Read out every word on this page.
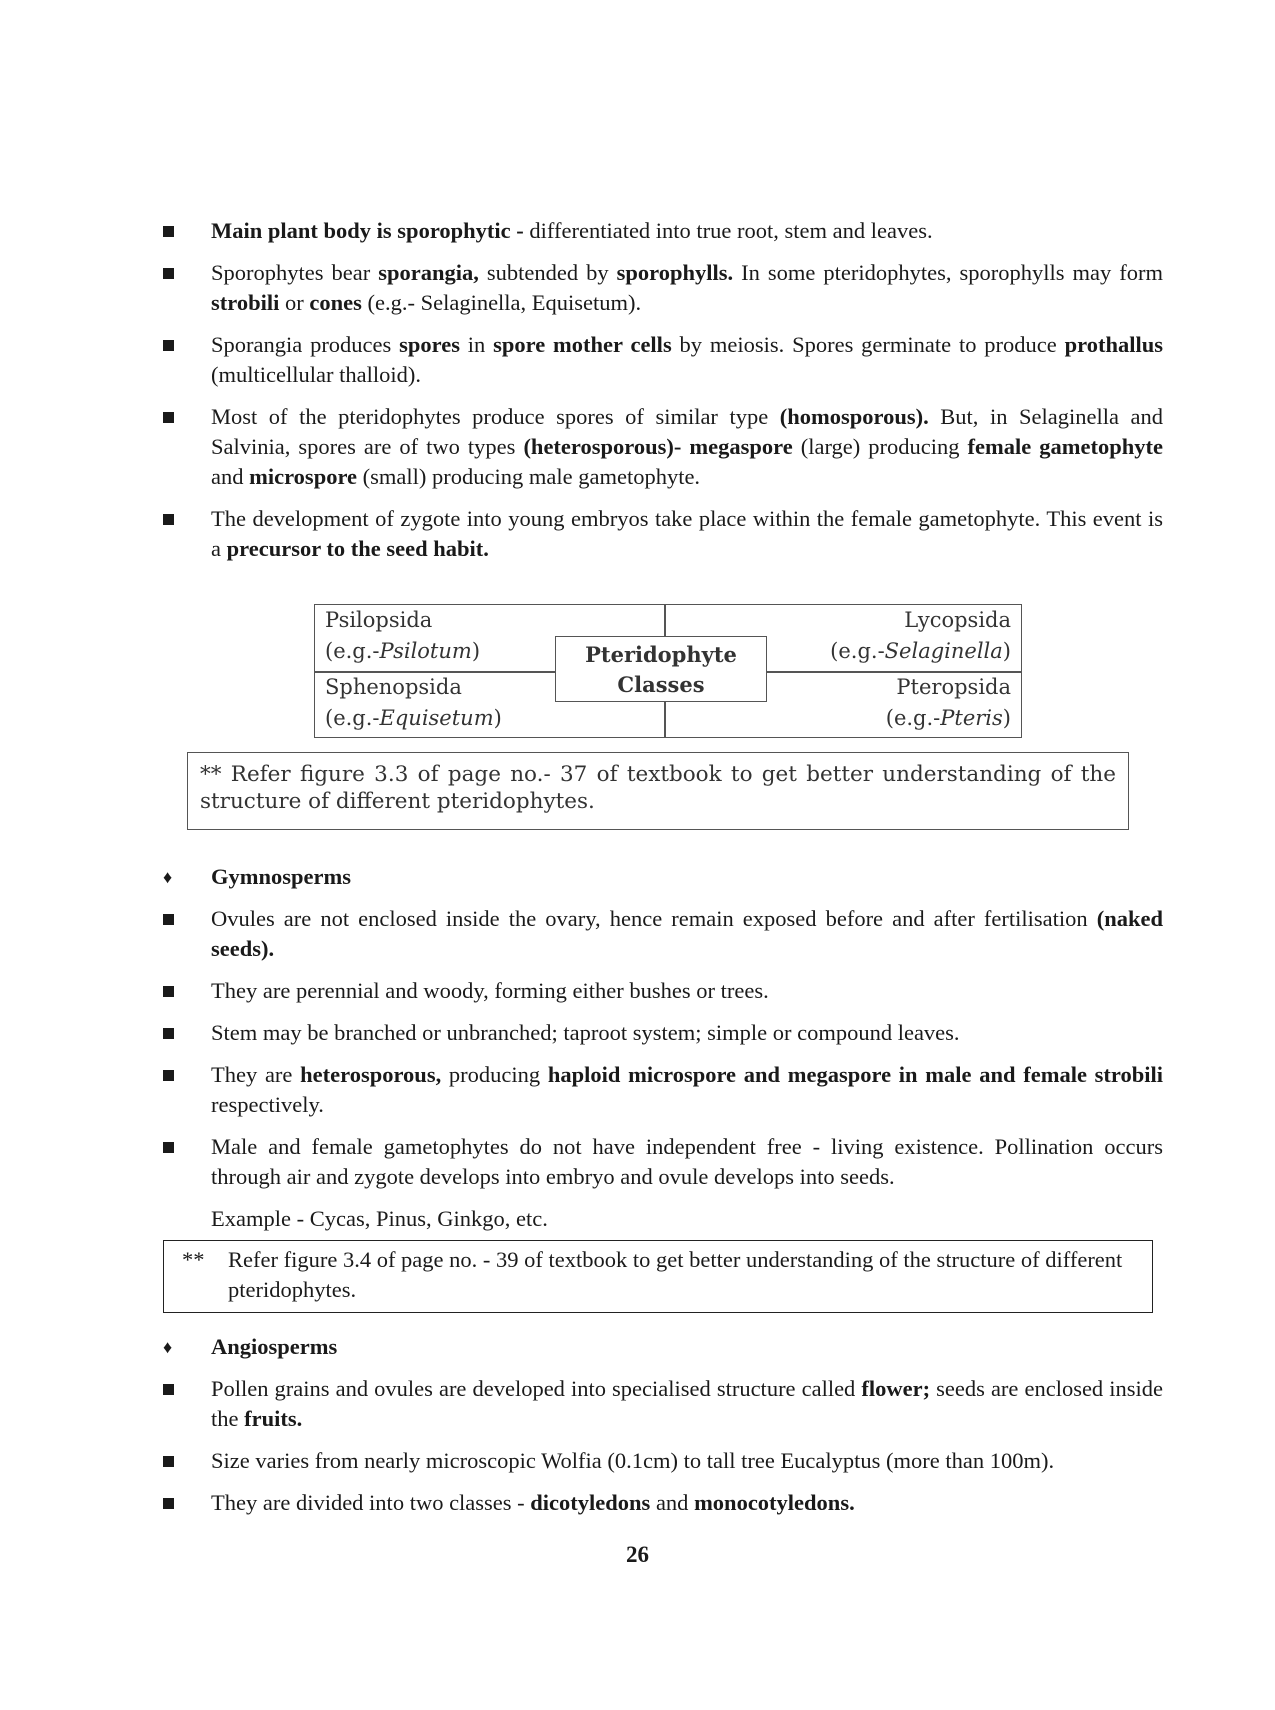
Main plant body is sporophytic - differentiated into true root, stem and leaves.
Sporophytes bear sporangia, subtended by sporophylls. In some pteridophytes, sporophylls may form strobili or cones (e.g.- Selaginella, Equisetum).
Sporangia produces spores in spore mother cells by meiosis. Spores germinate to produce prothallus (multicellular thalloid).
Most of the pteridophytes produce spores of similar type (homosporous). But, in Selaginella and Salvinia, spores are of two types (heterosporous)- megaspore (large) producing female gametophyte and microspore (small) producing male gametophyte.
The development of zygote into young embryos take place within the female gametophyte. This event is a precursor to the seed habit.
Psilopsida
(e.g.-Psilotum)
Lycopsida
(e.g.-Selaginella)
Sphenopsida
(e.g.-Equisetum)
Pteropsida
(e.g.-Pteris)
Pteridophyte
Classes
** Refer figure 3.3 of page no.- 37 of textbook to get better understanding of the structure of different pteridophytes.
♦	Gymnosperms
Ovules are not enclosed inside the ovary, hence remain exposed before and after fertilisation (naked seeds).
They are perennial and woody, forming either bushes or trees.
Stem may be branched or unbranched; taproot system; simple or compound leaves.
They are heterosporous, producing haploid microspore and megaspore in male and female strobili respectively.
Male and female gametophytes do not have independent free - living existence. Pollination occurs through air and zygote develops into embryo and ovule develops into seeds.
Example - Cycas, Pinus, Ginkgo, etc.
** Refer figure 3.4 of page no. - 39 of textbook to get better understanding of the structure of different pteridophytes.
♦	Angiosperms
Pollen grains and ovules are developed into specialised structure called flower; seeds are enclosed inside the fruits.
Size varies from nearly microscopic Wolfia (0.1cm) to tall tree Eucalyptus (more than 100m).
They are divided into two classes - dicotyledons and monocotyledons.
26
